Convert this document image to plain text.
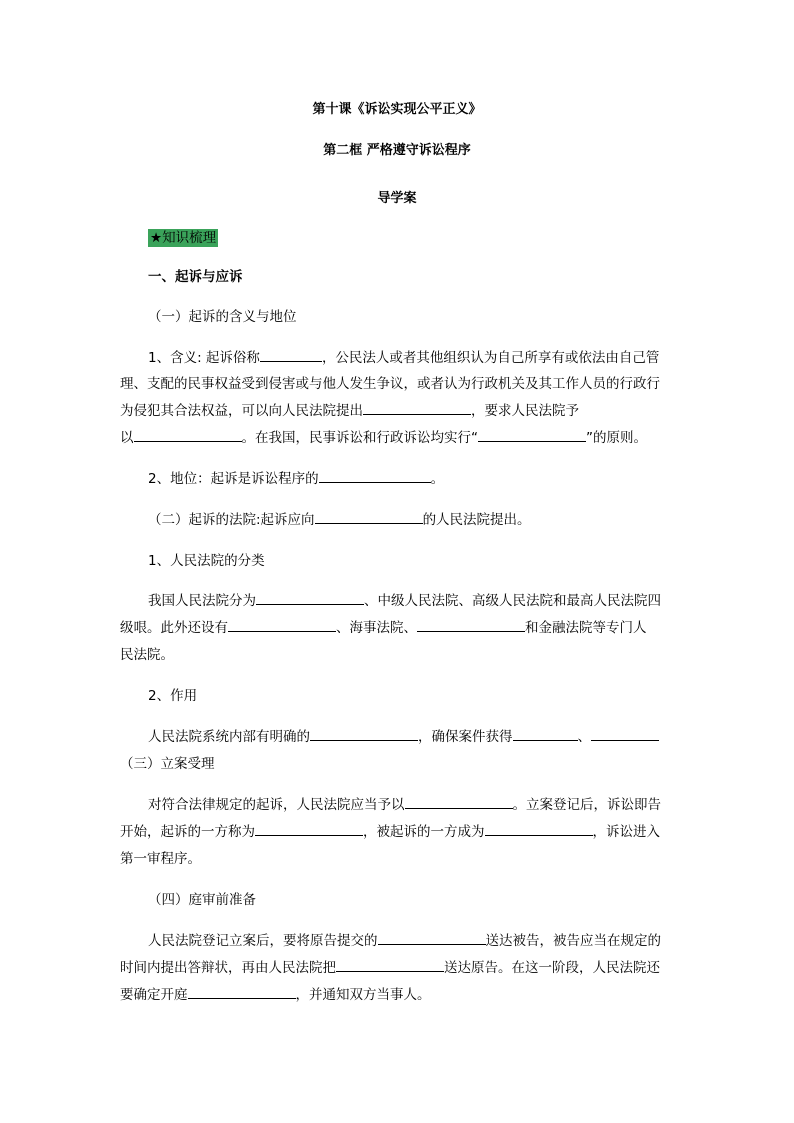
第十课《诉讼实现公平正义》
第二框 严格遵守诉讼程序
导学案
★知识梳理
一、起诉与应诉
（一）起诉的含义与地位
1、含义: 起诉俗称	，公民法人或者其他组织认为自己所享有或依法由自己管
理、支配的民事权益受到侵害或与他人发生争议，或者认为行政机关及其工作人员的行政行
为侵犯其合法权益，可以向人民法院提出	，要求人民法院予
以	。在我国，民事诉讼和行政诉讼均实行“	”的原则。
2、地位：起诉是诉讼程序的	。
（二）起诉的法院:起诉应向	的人民法院提出。
1、人民法院的分类
我国人民法院分为	、中级人民法院、高级人民法院和最高人民法院四
级哏。此外还设有	、海事法院、	和金融法院等专门人
民法院。
2、作用
人民法院系统内部有明确的	，确保案件获得	、
（三）立案受理
对符合法律规定的起诉，人民法院应当予以	。立案登记后，诉讼即告
开始，起诉的一方称为	，被起诉的一方成为	，诉讼进入
第一审程序。
（四）庭审前准备
人民法院登记立案后，要将原告提交的	送达被告，被告应当在规定的
时间内提出答辩状，再由人民法院把	送达原告。在这一阶段，人民法院还
要确定开庭	，并通知双方当事人。
